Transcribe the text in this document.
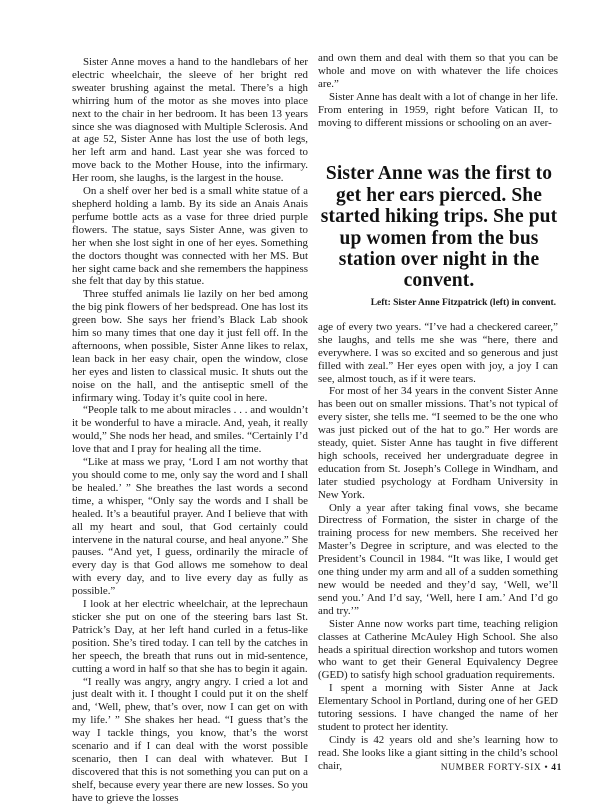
Sister Anne moves a hand to the handlebars of her electric wheelchair, the sleeve of her bright red sweater brushing against the metal. There’s a high whirring hum of the motor as she moves into place next to the chair in her bedroom. It has been 13 years since she was diagnosed with Multiple Sclerosis. And at age 52, Sister Anne has lost the use of both legs, her left arm and hand. Last year she was forced to move back to the Mother House, into the infirmary. Her room, she laughs, is the largest in the house.

On a shelf over her bed is a small white statue of a shepherd holding a lamb. By its side an Anais Anais perfume bottle acts as a vase for three dried purple flowers. The statue, says Sister Anne, was given to her when she lost sight in one of her eyes. Something the doctors thought was connected with her MS. But her sight came back and she remembers the happiness she felt that day by this statue.

Three stuffed animals lie lazily on her bed among the big pink flowers of her bedspread. One has lost its green bow. She says her friend’s Black Lab shook him so many times that one day it just fell off. In the afternoons, when possible, Sister Anne likes to relax, lean back in her easy chair, open the window, close her eyes and listen to classical music. It shuts out the noise on the hall, and the antiseptic smell of the infirmary wing. Today it’s quite cool in here.

“People talk to me about miracles . . . and wouldn’t it be wonderful to have a miracle. And, yeah, it really would,” She nods her head, and smiles. “Certainly I’d love that and I pray for healing all the time.

“Like at mass we pray, ‘Lord I am not worthy that you should come to me, only say the word and I shall be healed.’ ” She breathes the last words a second time, a whisper, “Only say the words and I shall be healed. It’s a beautiful prayer. And I believe that with all my heart and soul, that God certainly could intervene in the natural course, and heal anyone.” She pauses. “And yet, I guess, ordinarily the miracle of every day is that God allows me somehow to deal with every day, and to live every day as fully as possible.”

I look at her electric wheelchair, at the leprechaun sticker she put on one of the steering bars last St. Patrick’s Day, at her left hand curled in a fetus-like position. She’s tired today. I can tell by the catches in her speech, the breath that runs out in mid-sentence, cutting a word in half so that she has to begin it again.

“I really was angry, angry angry. I cried a lot and just dealt with it. I thought I could put it on the shelf and, ‘Well, phew, that’s over, now I can get on with my life.’ ” She shakes her head. “I guess that’s the way I tackle things, you know, that’s the worst scenario and if I can deal with the worst possible scenario, then I can deal with whatever. But I discovered that this is not something you can put on a shelf, because every year there are new losses. So you have to grieve the losses

and own them and deal with them so that you can be whole and move on with whatever the life choices are.”

Sister Anne has dealt with a lot of change in her life. From entering in 1959, right before Vatican II, to moving to different missions or schooling on an aver-

Sister Anne was the first to get her ears pierced. She started hiking trips. She put up women from the bus station over night in the convent.
Left: Sister Anne Fitzpatrick (left) in convent.

age of every two years. “I’ve had a checkered career,” she laughs, and tells me she was “here, there and everywhere. I was so excited and so generous and just filled with zeal.” Her eyes open with joy, a joy I can see, almost touch, as if it were tears.

For most of her 34 years in the convent Sister Anne has been out on smaller missions. That’s not typical of every sister, she tells me. “I seemed to be the one who was just picked out of the hat to go.” Her words are steady, quiet. Sister Anne has taught in five different high schools, received her undergraduate degree in education from St. Joseph’s College in Windham, and later studied psychology at Fordham University in New York.

Only a year after taking final vows, she became Directress of Formation, the sister in charge of the training process for new members. She received her Master’s Degree in scripture, and was elected to the President’s Council in 1984. “It was like, I would get one thing under my arm and all of a sudden something new would be needed and they’d say, ‘Well, we’ll send you.’ And I’d say, ‘Well, here I am.’ And I’d go and try.’”

Sister Anne now works part time, teaching religion classes at Catherine McAuley High School. She also heads a spiritual direction workshop and tutors women who want to get their General Equivalency Degree (GED) to satisfy high school graduation requirements.

I spent a morning with Sister Anne at Jack Elementary School in Portland, during one of her GED tutoring sessions. I have changed the name of her student to protect her identity.

Cindy is 42 years old and she’s learning how to read. She looks like a giant sitting in the child’s school chair,	NUMBER FORTY-SIX • 41
